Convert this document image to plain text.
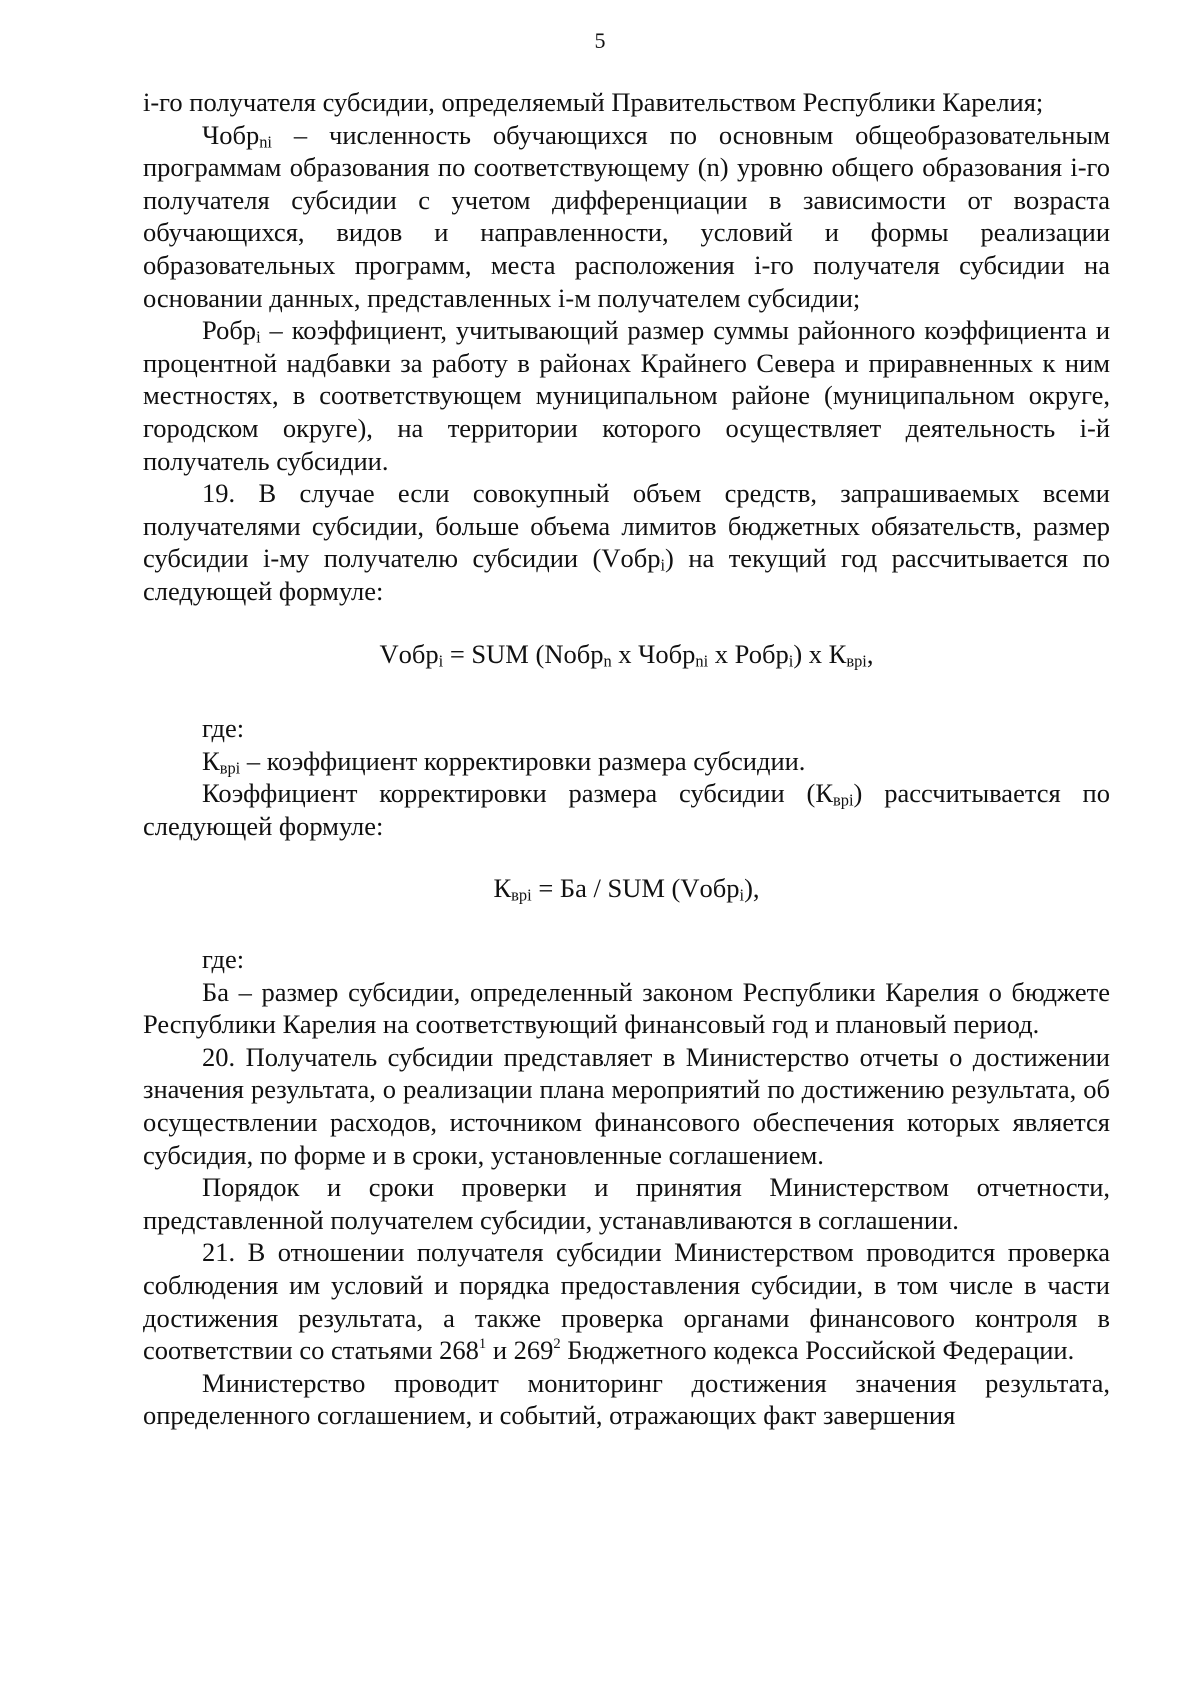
5

i-го получателя субсидии, определяемый Правительством Республики Карелия;

Чобр$_{ni}$ – численность обучающихся по основным общеобразовательным программам образования по соответствующему (n) уровню общего образования i-го получателя субсидии с учетом дифференциации в зависимости от возраста обучающихся, видов и направленности, условий и формы реализации образовательных программ, места расположения i-го получателя субсидии на основании данных, представленных i-м получателем субсидии;

Робр$_i$ – коэффициент, учитывающий размер суммы районного коэффициента и процентной надбавки за работу в районах Крайнего Севера и приравненных к ним местностях, в соответствующем муниципальном районе (муниципальном округе, городском округе), на территории которого осуществляет деятельность i-й получатель субсидии.

19. В случае если совокупный объем средств, запрашиваемых всеми получателями субсидии, больше объема лимитов бюджетных обязательств, размер субсидии i-му получателю субсидии (Vобр$_i$) на текущий год рассчитывается по следующей формуле:

Vобр$_i$ = SUM (Nобр$_n$ x Чобр$_{ni}$ x Робр$_i$) x $К_{врi}$,

где:

$К_{врi}$ – коэффициент корректировки размера субсидии.

Коэффициент корректировки размера субсидии $(К_{врi})$ рассчитывается по следующей формуле:

$К_{врi}$ = Ба / SUM (Vобр$_i$),

где:

Ба – размер субсидии, определенный законом Республики Карелия о бюджете Республики Карелия на соответствующий финансовый год и плановый период.

20. Получатель субсидии представляет в Министерство отчеты о достижении значения результата, о реализации плана мероприятий по достижению результата, об осуществлении расходов, источником финансового обеспечения которых является субсидия, по форме и в сроки, установленные соглашением.

Порядок и сроки проверки и принятия Министерством отчетности, представленной получателем субсидии, устанавливаются в соглашении.

21. В отношении получателя субсидии Министерством проводится проверка соблюдения им условий и порядка предоставления субсидии, в том числе в части достижения результата, а также проверка органами финансового контроля в соответствии со статьями $268^1$ и $269^2$ Бюджетного кодекса Российской Федерации.

Министерство проводит мониторинг достижения значения результата, определенного соглашением, и событий, отражающих факт завершения
